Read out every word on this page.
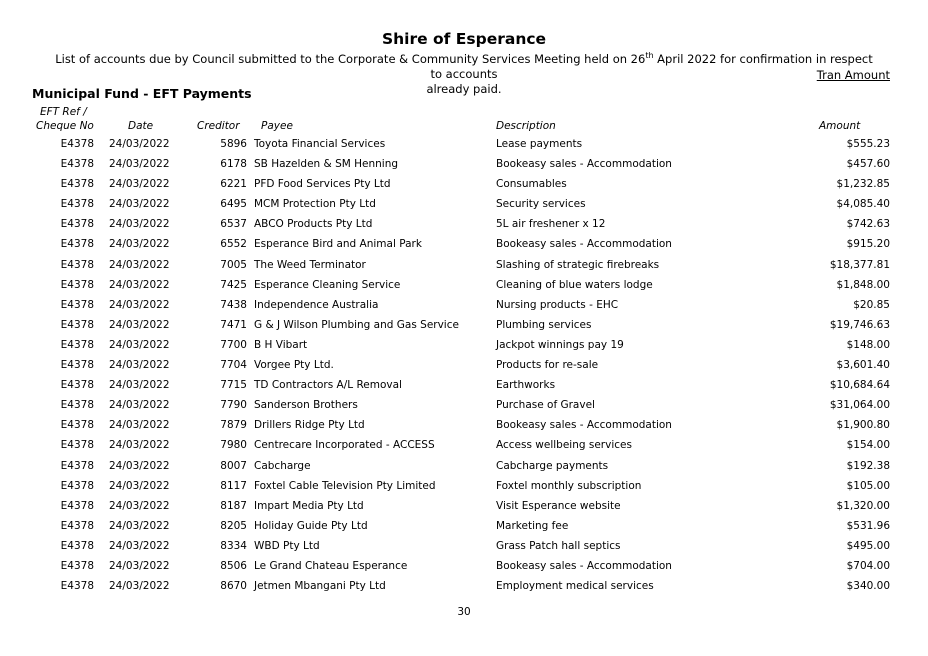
Shire of Esperance
List of accounts due by Council submitted to the Corporate & Community Services Meeting held on 26th April 2022 for confirmation in respect to accounts
already paid.
Tran Amount
Municipal Fund - EFT Payments
EFT Ref /
Cheque No	Date	Creditor Payee	Description	Amount
E4378 24/03/2022	5896 Toyota Financial Services	Lease payments	$555.23
E4378 24/03/2022	6178 SB Hazelden & SM Henning	Bookeasy sales - Accommodation	$457.60
E4378 24/03/2022	6221 PFD Food Services Pty Ltd	Consumables	$1,232.85
E4378 24/03/2022	6495 MCM Protection Pty Ltd	Security services	$4,085.40
E4378 24/03/2022	6537 ABCO Products Pty Ltd	5L air freshener x 12	$742.63
E4378 24/03/2022	6552 Esperance Bird and Animal Park	Bookeasy sales - Accommodation	$915.20
E4378 24/03/2022	7005 The Weed Terminator	Slashing of strategic firebreaks	$18,377.81
E4378 24/03/2022	7425 Esperance Cleaning Service	Cleaning of blue waters lodge	$1,848.00
E4378 24/03/2022	7438 Independence Australia	Nursing products - EHC	$20.85
E4378 24/03/2022	7471 G & J Wilson Plumbing and Gas Service	Plumbing services	$19,746.63
E4378 24/03/2022	7700 B H Vibart	Jackpot winnings pay 19	$148.00
E4378 24/03/2022	7704 Vorgee Pty Ltd.	Products for re-sale	$3,601.40
E4378 24/03/2022	7715 TD Contractors A/L Removal	Earthworks	$10,684.64
E4378 24/03/2022	7790 Sanderson Brothers	Purchase of Gravel	$31,064.00
E4378 24/03/2022	7879 Drillers Ridge Pty Ltd	Bookeasy sales - Accommodation	$1,900.80
E4378 24/03/2022	7980 Centrecare Incorporated - ACCESS	Access wellbeing services	$154.00
E4378 24/03/2022	8007 Cabcharge	Cabcharge payments	$192.38
E4378 24/03/2022	8117 Foxtel Cable Television Pty Limited	Foxtel monthly subscription	$105.00
E4378 24/03/2022	8187 Impart Media Pty Ltd	Visit Esperance website	$1,320.00
E4378 24/03/2022	8205 Holiday Guide Pty Ltd	Marketing fee	$531.96
E4378 24/03/2022	8334 WBD Pty Ltd	Grass Patch hall septics	$495.00
E4378 24/03/2022	8506 Le Grand Chateau Esperance	Bookeasy sales - Accommodation	$704.00
E4378 24/03/2022	8670 Jetmen Mbangani Pty Ltd	Employment medical services	$340.00
30
